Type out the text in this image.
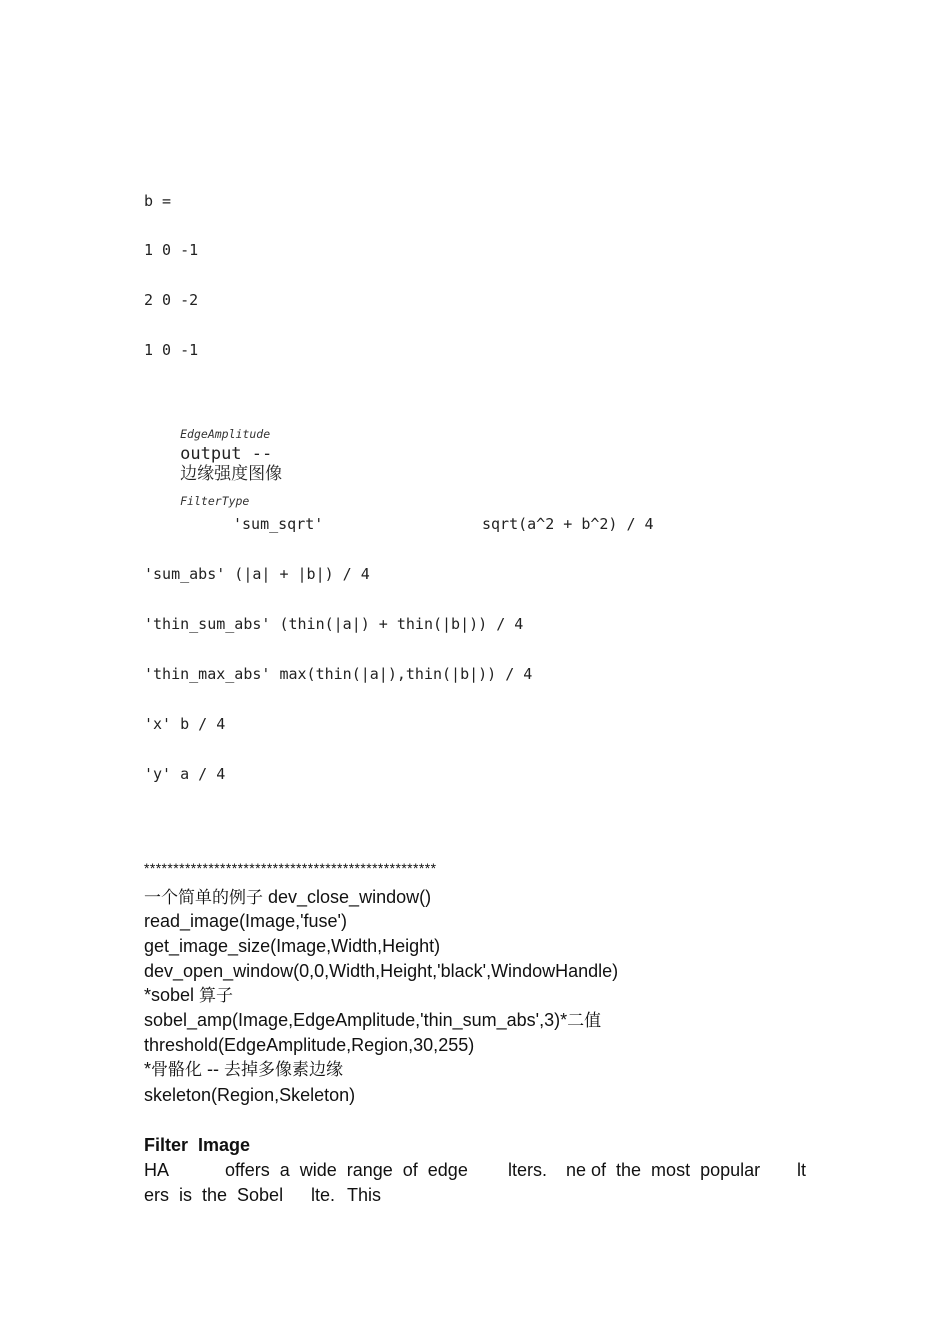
b =
1 0 -1
2 0 -2
1 0 -1

EdgeAmplitude
output --
边缘强度图像

FilterType

'sum_sqrt'	sqrt(a^2 + b^2) / 4
'sum_abs' (|a| + |b|) / 4
'thin_sum_abs' (thin(|a|) + thin(|b|)) / 4
'thin_max_abs' max(thin(|a|),thin(|b|)) / 4
'x' b / 4
'y' a / 4
**************************************************
一个简单的例子 dev_close_window()
read_image(Image,'fuse')
get_image_size(Image,Width,Height)
dev_open_window(0,0,Width,Height,'black',WindowHandle)
*sobel 算子
sobel_amp(Image,EdgeAmplitude,'thin_sum_abs',3)*二值
threshold(EdgeAmplitude,Region,30,255)
*骨骼化 -- 去掉多像素边缘
skeleton(Region,Skeleton)
Filter  Image
HA	offers  a  wide  range  of  edge lters. ne of  the  most  popular lt
ers  is  the  Sobel lte. This
